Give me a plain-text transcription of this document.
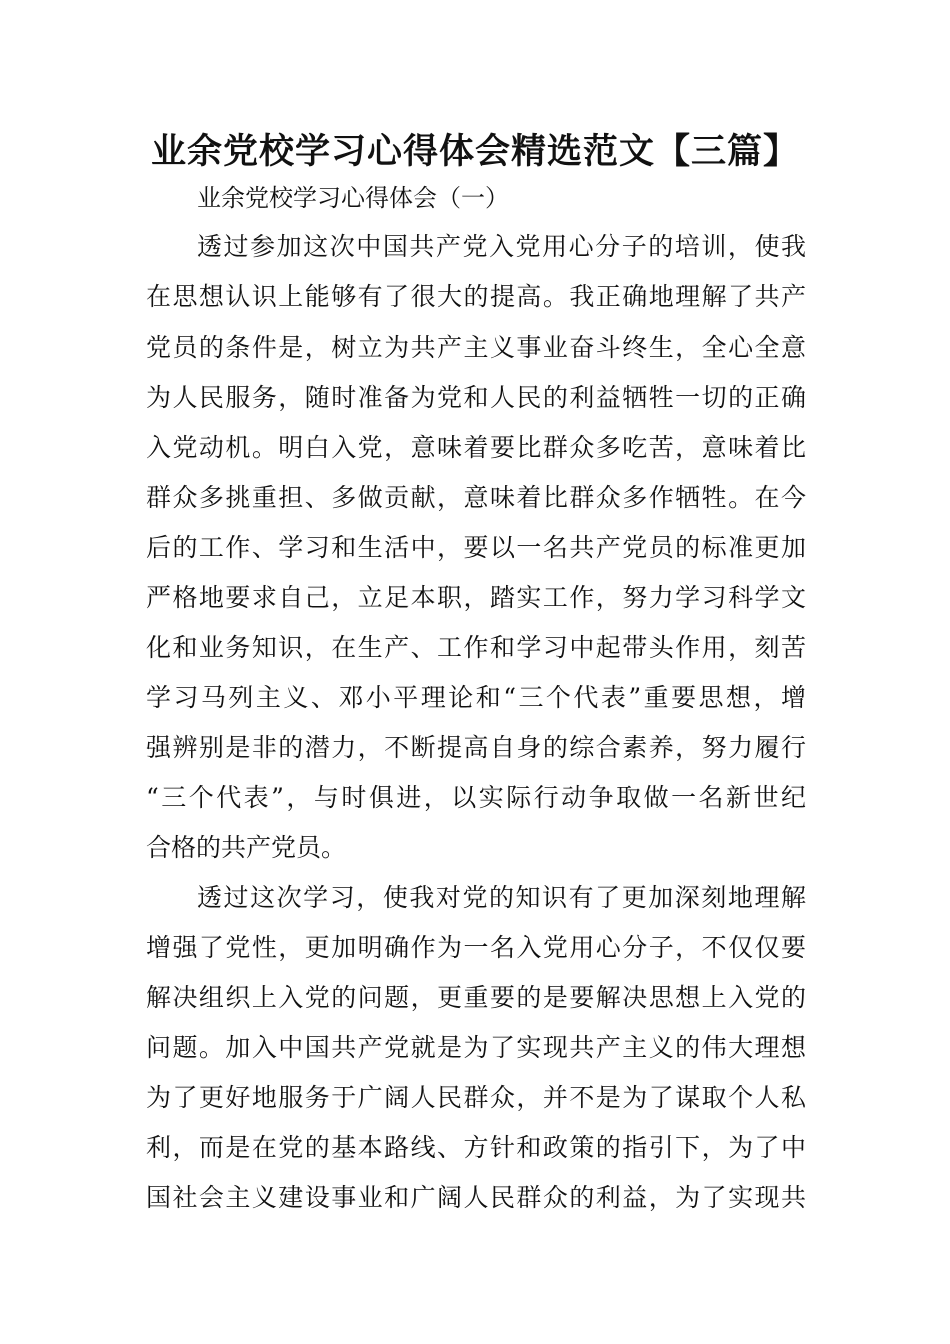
业余党校学习心得体会精选范文【三篇】
业余党校学习心得体会（一）
透过参加这次中国共产党入党用心分子的培训，使我
在思想认识上能够有了很大的提高。我正确地理解了共产
党员的条件是，树立为共产主义事业奋斗终生，全心全意
为人民服务，随时准备为党和人民的利益牺牲一切的正确
入党动机。明白入党，意味着要比群众多吃苦，意味着比
群众多挑重担、多做贡献，意味着比群众多作牺牲。在今
后的工作、学习和生活中，要以一名共产党员的标准更加
严格地要求自己，立足本职，踏实工作，努力学习科学文
化和业务知识，在生产、工作和学习中起带头作用，刻苦
学习马列主义、邓小平理论和“三个代表”重要思想，增
强辨别是非的潜力，不断提高自身的综合素养，努力履行
“三个代表”，与时俱进，以实际行动争取做一名新世纪
合格的共产党员。
透过这次学习，使我对党的知识有了更加深刻地理解
增强了党性，更加明确作为一名入党用心分子，不仅仅要
解决组织上入党的问题，更重要的是要解决思想上入党的
问题。加入中国共产党就是为了实现共产主义的伟大理想
为了更好地服务于广阔人民群众，并不是为了谋取个人私
利，而是在党的基本路线、方针和政策的指引下，为了中
国社会主义建设事业和广阔人民群众的利益，为了实现共
